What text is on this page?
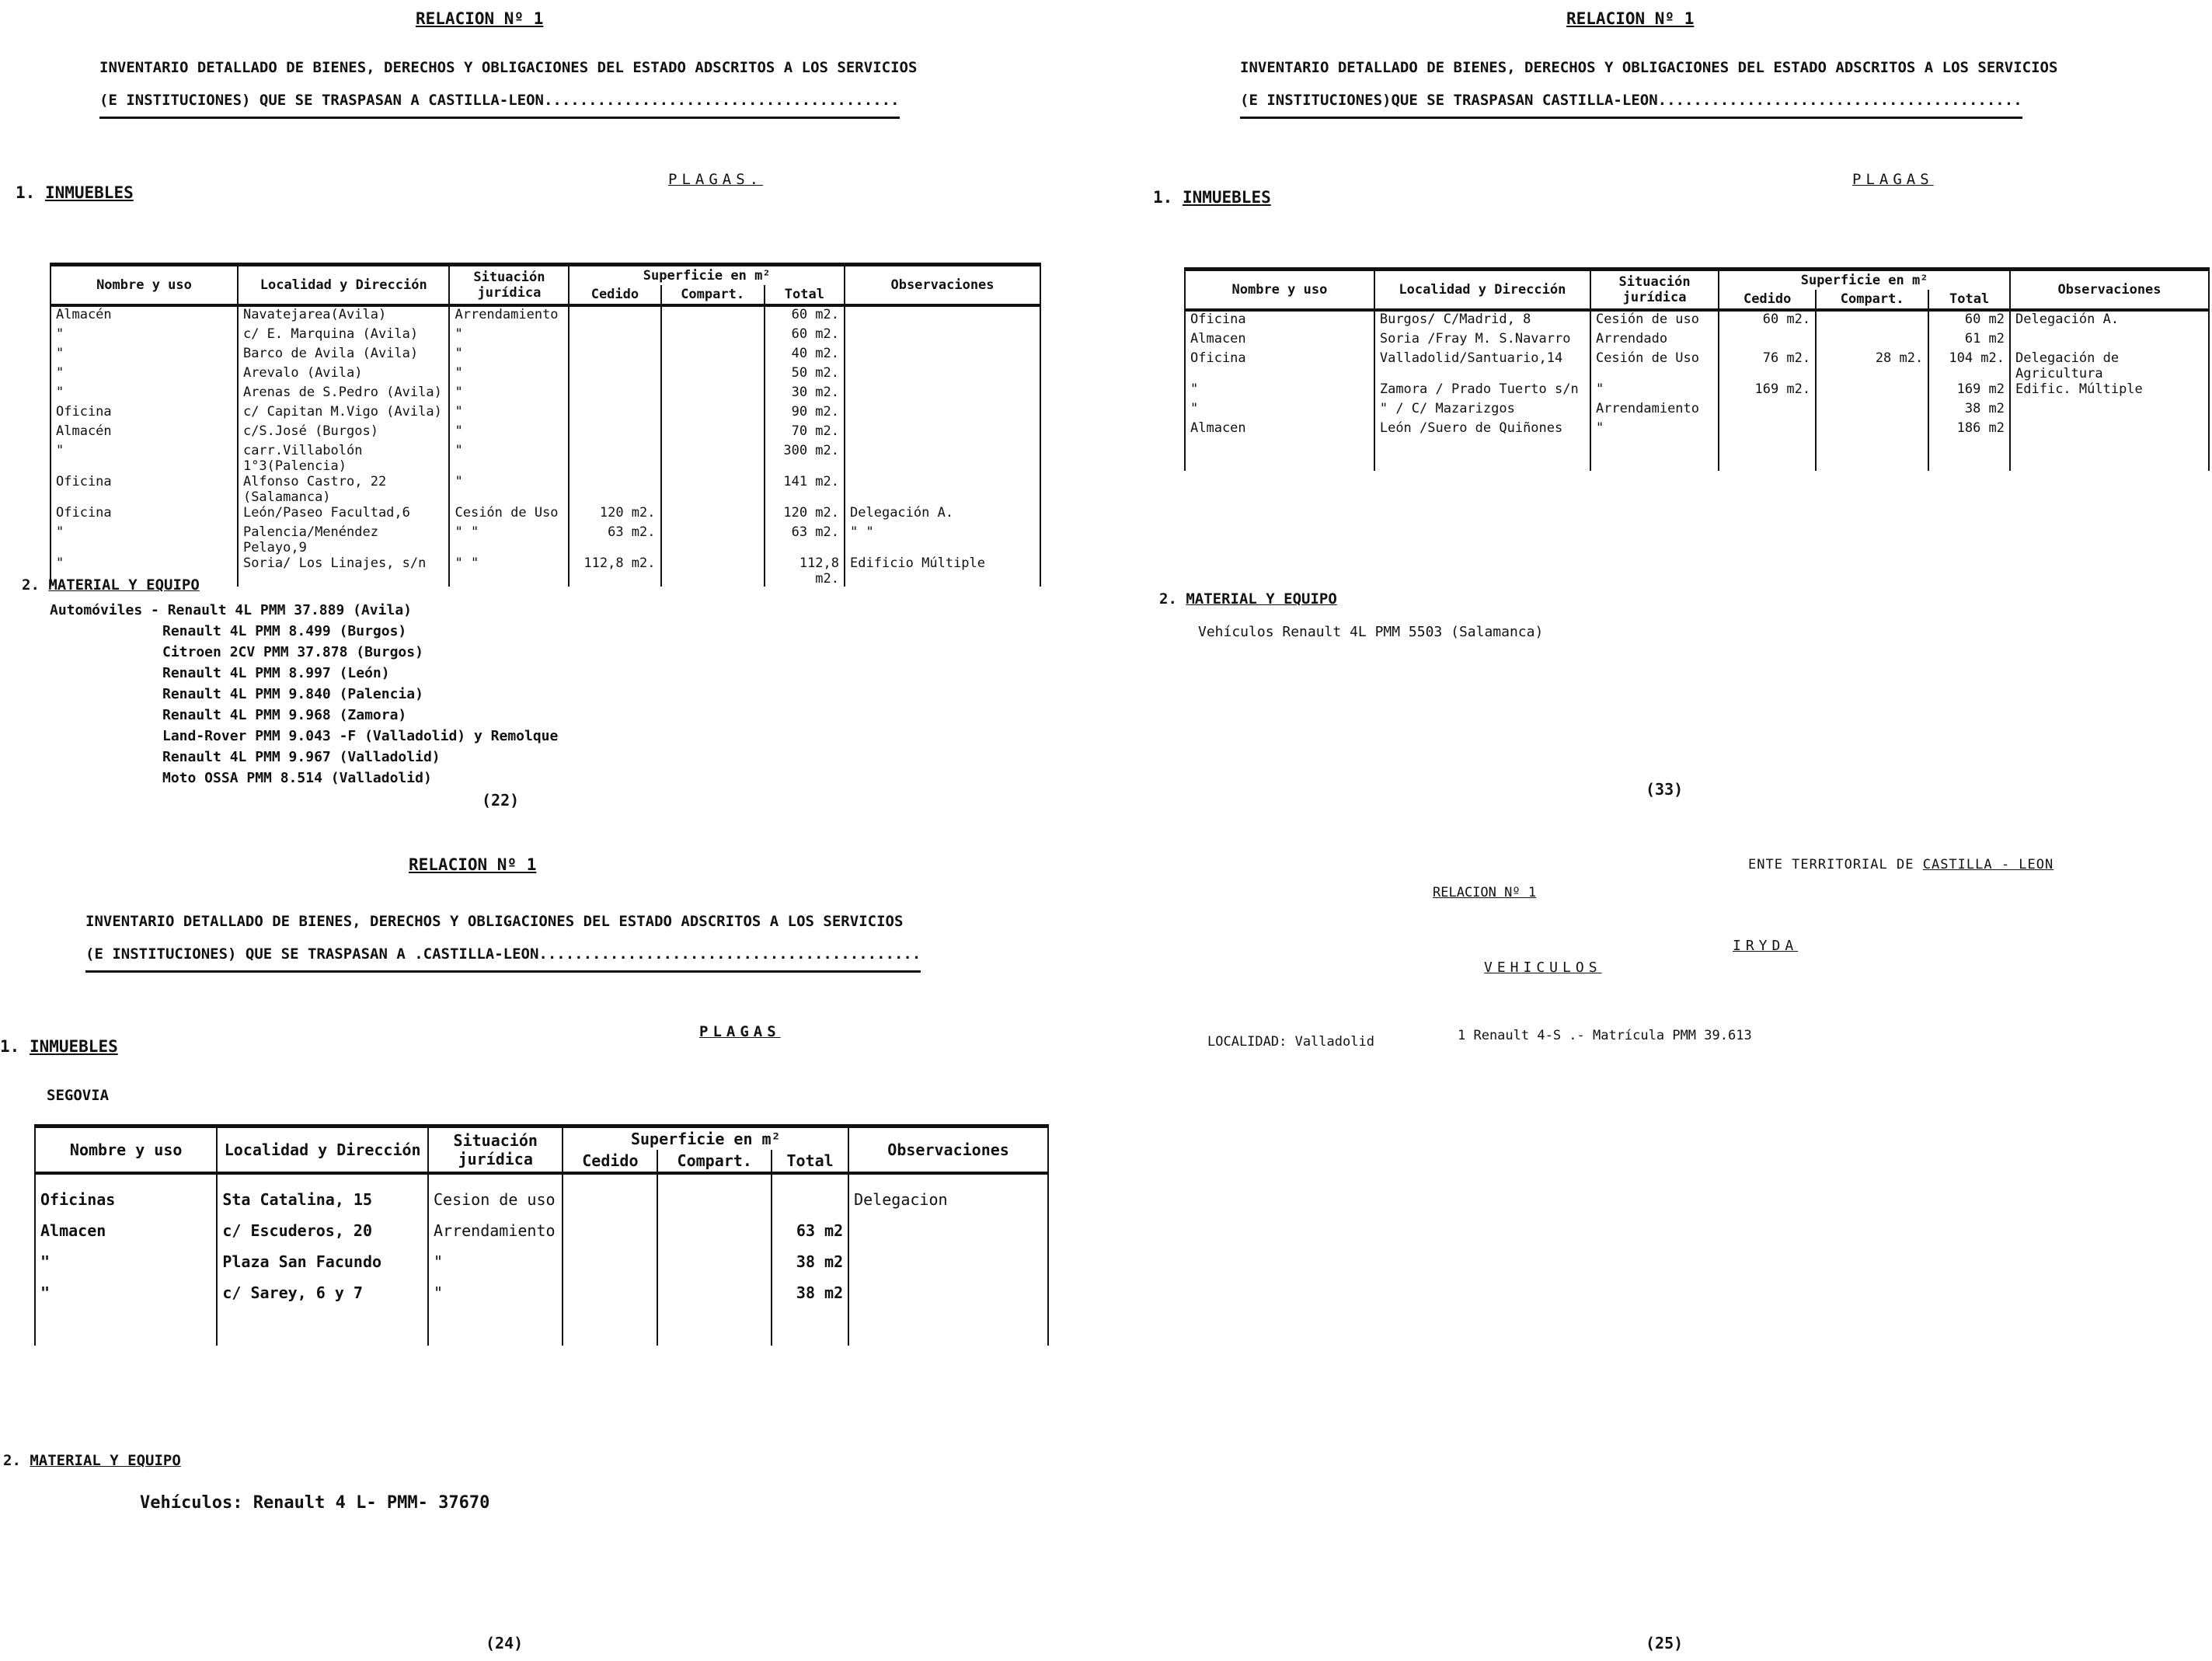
RELACION Nº 1
INVENTARIO DETALLADO DE BIENES, DERECHOS Y OBLIGACIONES DEL ESTADO ADSCRITOS A LOS SERVICIOS
(E INSTITUCIONES) QUE SE TRASPASAN A CASTILLA-LEON........................................
1. INMUEBLES
PLAGAS.
Nombre y uso	Localidad y Dirección	Situación jurídica	Superficie en m²			Observaciones
			Cedido	Compart.	Total	
Almacén	Navatejarea(Avila)	Arrendamiento			60 m2.	
"	c/ E. Marquina (Avila)	"			60 m2.	
"	Barco de Avila (Avila)	"			40 m2.	
"	Arevalo (Avila)	"			50 m2.	
"	Arenas de S.Pedro (Avila)	"			30 m2.	
Oficina	c/ Capitan M.Vigo (Avila)	"			90 m2.	
Almacén	c/S.José (Burgos)	"			70 m2.	
"	carr.Villabolón 1°3(Palencia)	"			300 m2.	
Oficina	Alfonso Castro, 22 (Salamanca)	"			141 m2.	
Oficina	León/Paseo Facultad,6	Cesión de Uso	120 m2.		120 m2.	Delegación A.
"	Palencia/Menéndez Pelayo,9	" "	63 m2.		63 m2.	" "
"	Soria/ Los Linajes, s/n	" "	112,8 m2.		112,8 m2.	Edificio Múltiple
2. MATERIAL Y EQUIPO
Automóviles - Renault 4L PMM 37.889 (Avila)
Renault 4L PMM 8.499 (Burgos)
Citroen 2CV PMM 37.878 (Burgos)
Renault 4L PMM 8.997 (León)
Renault 4L PMM 9.840 (Palencia)
Renault 4L PMM 9.968 (Zamora)
Land-Rover PMM 9.043 -F (Valladolid) y Remolque
Renault 4L PMM 9.967 (Valladolid)
Moto OSSA PMM 8.514 (Valladolid)
(22)
RELACION Nº 1
INVENTARIO DETALLADO DE BIENES, DERECHOS Y OBLIGACIONES DEL ESTADO ADSCRITOS A LOS SERVICIOS
(E INSTITUCIONES)QUE SE TRASPASAN CASTILLA-LEON.........................................
1. INMUEBLES
PLAGAS
Nombre y uso	Localidad y Dirección	Situación jurídica	Superficie en m²			Observaciones
			Cedido	Compart.	Total	
Oficina	Burgos/ C/Madrid, 8	Cesión de uso	60 m2.		60 m2	Delegación A.
Almacen	Soria /Fray M. S.Navarro	Arrendado			61 m2	
Oficina	Valladolid/Santuario,14	Cesión de Uso	76 m2.	28 m2.	104 m2.	Delegación de Agricultura
"	Zamora / Prado Tuerto s/n	"	169 m2.		169 m2	Edific. Múltiple
"	" / C/ Mazarizgos	Arrendamiento			38 m2	
Almacen	León /Suero de Quiñones	"			186 m2	

2. MATERIAL Y EQUIPO
Vehículos Renault 4L PMM 5503 (Salamanca)
(33)
RELACION Nº 1
INVENTARIO DETALLADO DE BIENES, DERECHOS Y OBLIGACIONES DEL ESTADO ADSCRITOS A LOS SERVICIOS
(E INSTITUCIONES) QUE SE TRASPASAN A .CASTILLA-LEON...........................................
PLAGAS
1. INMUEBLES
SEGOVIA
Nombre y uso	Localidad y Dirección	Situación jurídica	Superficie en m²			Observaciones
			Cedido	Compart.	Total	
Oficinas	Sta Catalina, 15	Cesion de uso				Delegacion
Almacen	c/ Escuderos, 20	Arrendamiento			63 m2	
"	Plaza San Facundo	"			38 m2	
"	c/ Sarey, 6 y 7	"			38 m2	

2. MATERIAL Y EQUIPO
Vehículos: Renault 4 L- PMM- 37670
(24)
ENTE TERRITORIAL DE CASTILLA - LEON
RELACION Nº 1
IRYDA
VEHICULOS
LOCALIDAD: Valladolid	1 Renault 4-S .- Matrícula PMM 39.613
(25)
